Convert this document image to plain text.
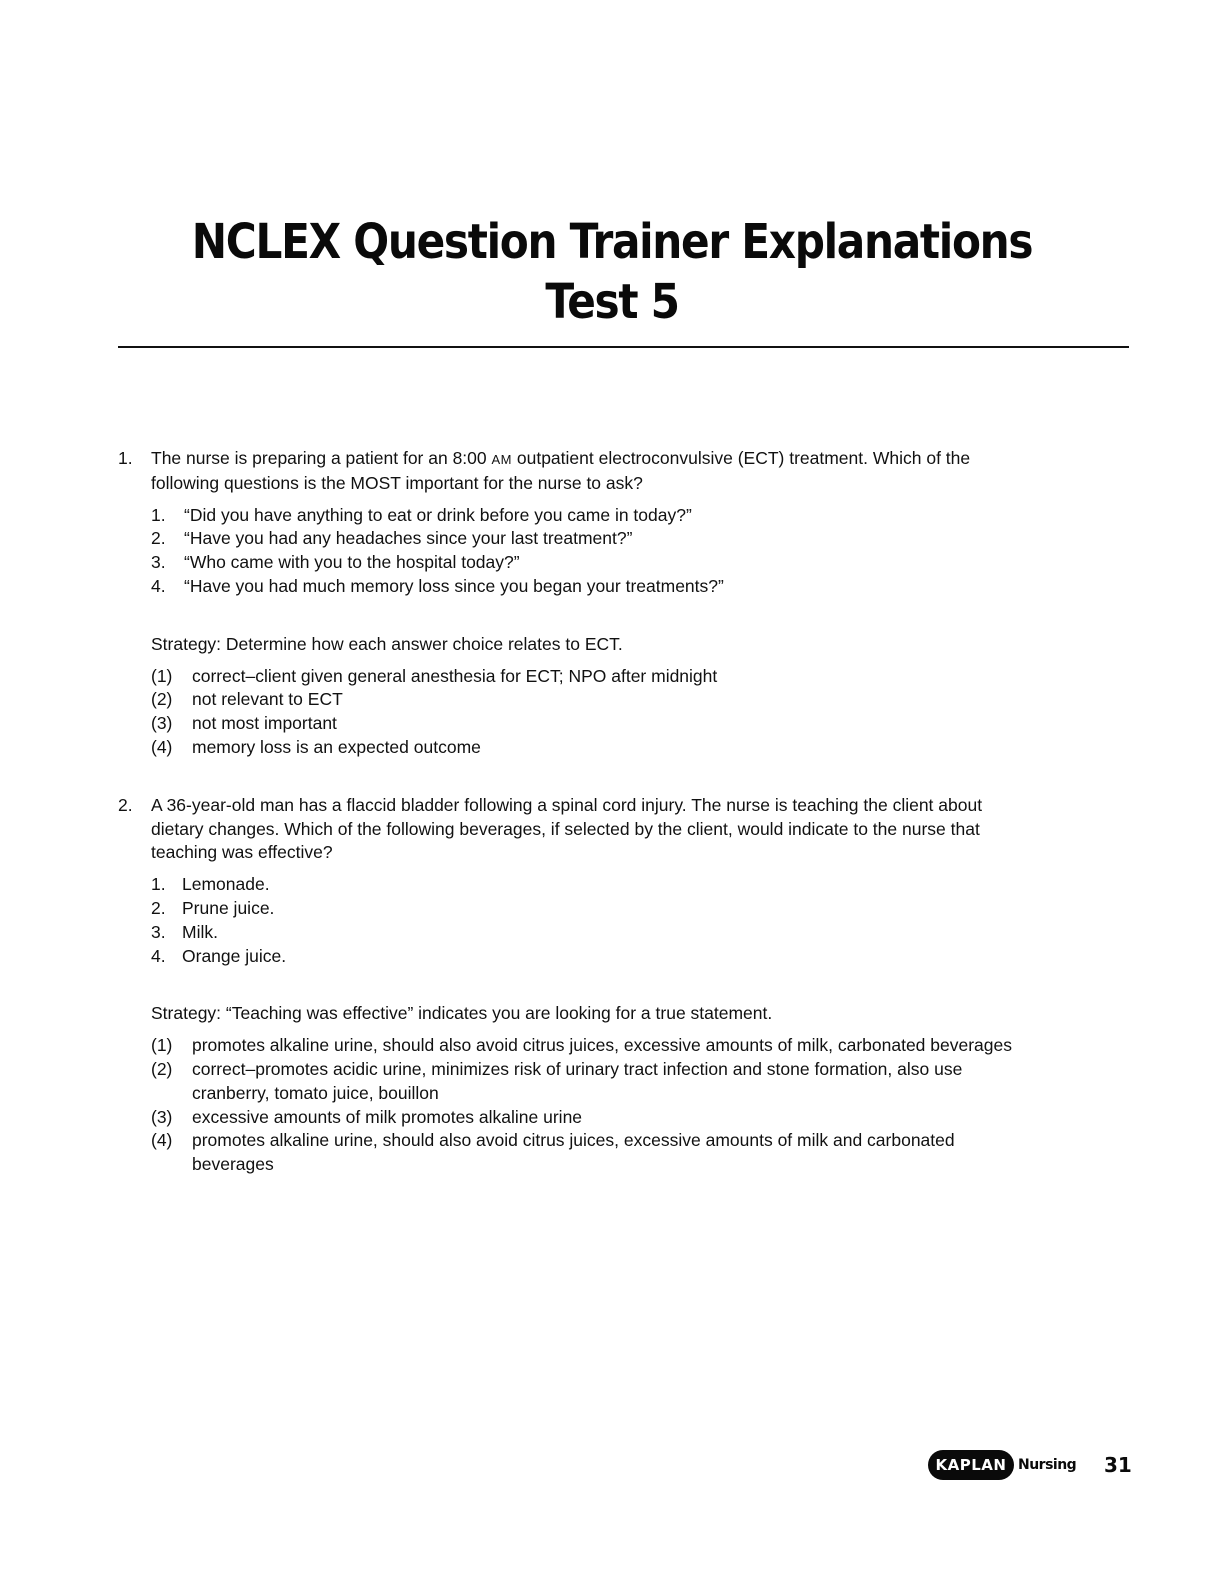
NCLEX Question Trainer Explanations
Test 5
1. The nurse is preparing a patient for an 8:00 AM outpatient electroconvulsive (ECT) treatment. Which of the following questions is the MOST important for the nurse to ask?
1. “Did you have anything to eat or drink before you came in today?”
2. “Have you had any headaches since your last treatment?”
3. “Who came with you to the hospital today?”
4. “Have you had much memory loss since you began your treatments?”
Strategy: Determine how each answer choice relates to ECT.
(1) correct–client given general anesthesia for ECT; NPO after midnight
(2) not relevant to ECT
(3) not most important
(4) memory loss is an expected outcome
2. A 36-year-old man has a flaccid bladder following a spinal cord injury. The nurse is teaching the client about dietary changes. Which of the following beverages, if selected by the client, would indicate to the nurse that teaching was effective?
1. Lemonade.
2. Prune juice.
3. Milk.
4. Orange juice.
Strategy: “Teaching was effective” indicates you are looking for a true statement.
(1) promotes alkaline urine, should also avoid citrus juices, excessive amounts of milk, carbonated beverages
(2) correct–promotes acidic urine, minimizes risk of urinary tract infection and stone formation, also use cranberry, tomato juice, bouillon
(3) excessive amounts of milk promotes alkaline urine
(4) promotes alkaline urine, should also avoid citrus juices, excessive amounts of milk and carbonated beverages
KAPLAN Nursing 31
